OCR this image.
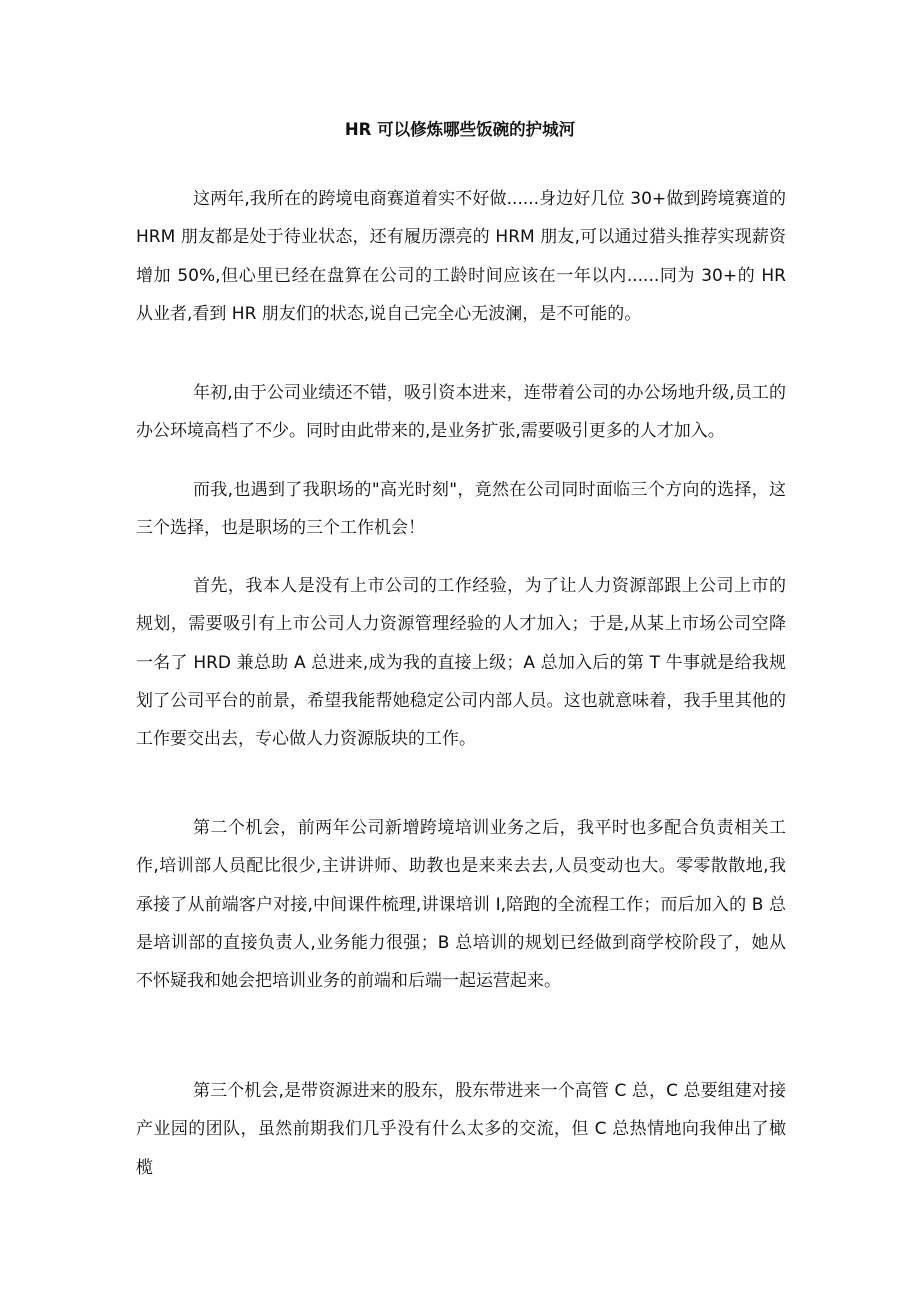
HR 可以修炼哪些饭碗的护城河

这两年,我所在的跨境电商赛道着实不好做......身边好几位 30+做到跨境赛道的HRM 朋友都是处于待业状态，还有履历漂亮的 HRM 朋友,可以通过猎头推荐实现薪资增加 50%,但心里已经在盘算在公司的工龄时间应该在一年以内......同为 30+的 HR 从业者,看到 HR 朋友们的状态,说自己完全心无波澜，是不可能的。

年初,由于公司业绩还不错，吸引资本进来，连带着公司的办公场地升级,员工的办公环境高档了不少。同时由此带来的,是业务扩张,需要吸引更多的人才加入。

而我,也遇到了我职场的"高光时刻"，竟然在公司同时面临三个方向的选择，这三个选择，也是职场的三个工作机会！

首先，我本人是没有上市公司的工作经验，为了让人力资源部跟上公司上市的规划，需要吸引有上市公司人力资源管理经验的人才加入；于是,从某上市场公司空降一名了 HRD 兼总助 A 总进来,成为我的直接上级；A 总加入后的第 T 牛事就是给我规划了公司平台的前景，希望我能帮她稳定公司内部人员。这也就意味着，我手里其他的工作要交出去，专心做人力资源版块的工作。

第二个机会，前两年公司新增跨境培训业务之后，我平时也多配合负责相关工作,培训部人员配比很少,主讲讲师、助教也是来来去去,人员变动也大。零零散散地,我承接了从前端客户对接,中间课件梳理,讲课培训 I,陪跑的全流程工作；而后加入的 B 总是培训部的直接负责人,业务能力很强；B 总培训的规划已经做到商学校阶段了，她从不怀疑我和她会把培训业务的前端和后端一起运营起来。

第三个机会,是带资源进来的股东，股东带进来一个高管 C 总，C 总要组建对接产业园的团队，虽然前期我们几乎没有什么太多的交流，但 C 总热情地向我伸出了橄榄
